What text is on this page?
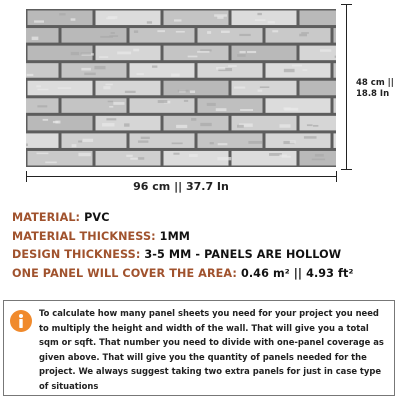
48 cm ||
18.8 In
96 cm || 37.7 In
MATERIAL: PVC
MATERIAL THICKNESS: 1MM
DESIGN THICKNESS: 3-5 MM - PANELS ARE HOLLOW
ONE PANEL WILL COVER THE AREA: 0.46 m² || 4.93 ft²
To calculate how many panel sheets you need for your project you need to multiply the height and width of the wall. That will give you a total sqm or sqft. That number you need to divide with one-panel coverage as given above. That will give you the quantity of panels needed for the project. We always suggest taking two extra panels for just in case type of situations
